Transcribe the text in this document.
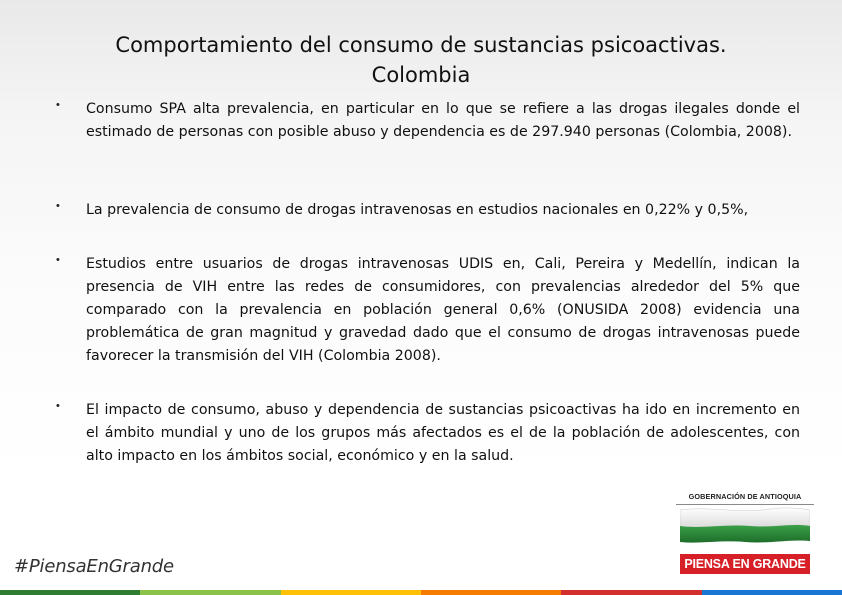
Comportamiento del consumo de sustancias psicoactivas.
Colombia
• Consumo SPA alta prevalencia, en particular en lo que se refiere a las drogas ilegales donde el estimado de personas con posible abuso y dependencia es de 297.940 personas (Colombia, 2008).

• La prevalencia de consumo de drogas intravenosas en estudios nacionales en 0,22% y 0,5%,

• Estudios entre usuarios de drogas intravenosas UDIS en, Cali, Pereira y Medellín, indican la presencia de VIH entre las redes de consumidores, con prevalencias alrededor del 5% que comparado con la prevalencia en población general 0,6% (ONUSIDA 2008) evidencia una problemática de gran magnitud y gravedad dado que el consumo de drogas intravenosas puede favorecer la transmisión del VIH (Colombia 2008).

• El impacto de consumo, abuso y dependencia de sustancias psicoactivas ha ido en incremento en el ámbito mundial y uno de los grupos más afectados es el de la población de adolescentes, con alto impacto en los ámbitos social, económico y en la salud.

#PiensaEnGrande
GOBERNACIÓN DE ANTIOQUIA
PIENSA EN GRANDE
